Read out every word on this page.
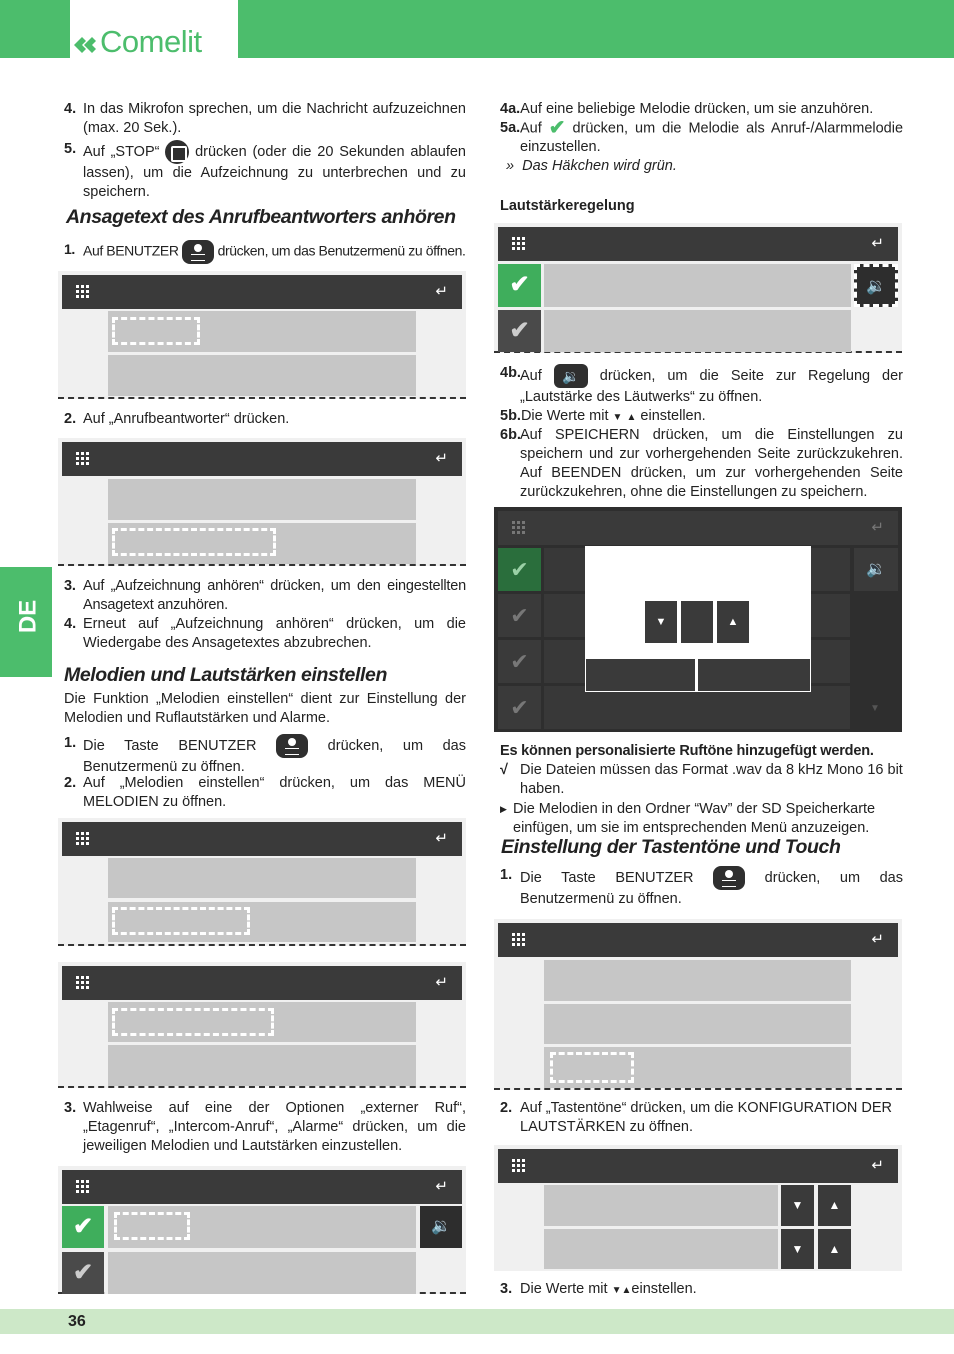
Comelit
DE
4. In das Mikrofon sprechen, um die Nachricht aufzuzeichnen (max. 20 Sek.).
5. Auf „STOP“ drücken (oder die 20 Sekunden ablaufen lassen), um die Aufzeichnung zu unterbrechen und zu speichern.
Ansagetext des Anrufbeantworters anhören
1. Auf BENUTZER	drücken, um das Benutzermenü zu öffnen.
↵
2. Auf „Anrufbeantworter“ drücken.
↵
3. Auf „Aufzeichnung anhören“ drücken, um den eingestellten Ansagetext anzuhören.
4. Erneut auf „Aufzeichnung anhören“ drücken, um die Wiedergabe des Ansagetextes abzubrechen.
Melodien und Lautstärken einstellen
Die Funktion „Melodien einstellen“ dient zur Einstellung der Melodien und Ruflautstärken und Alarme.
1. Die Taste BENUTZER	drücken, um das Benutzermenü zu öffnen.
2. Auf „Melodien einstellen“ drücken, um das MENÜ MELODIEN zu öffnen.
↵
↵
3. Wahlweise auf eine der Optionen „externer Ruf“, „Etagenruf“, „Intercom-Anruf“, „Alarme“ drücken, um die jeweiligen Melodien und Lautstärken einzustellen.
↵
✔	🔉
✔
4a.Auf eine beliebige Melodie drücken, um sie anzuhören.
5a. Auf ✔ drücken, um die Melodie als Anruf-/Alarmmelodie einzustellen.
» Das Häkchen wird grün.
Lautstärkeregelung
↵
✔	🔉
✔
4b. Auf 🔉 drücken, um die Seite zur Regelung der „Lautstärke des Läutwerks“ zu öffnen.
5b.Die Werte mit ▼ ▲ einstellen.
6b. Auf SPEICHERN drücken, um die Einstellungen zu speichern und zur vorhergehenden Seite zurückzukehren. Auf BEENDEN drücken, um zur vorhergehenden Seite zurückzukehren, ohne die Einstellungen zu speichern.
↵
✔
✔
✔
✔
🔉
▼
▼	▲
Es können personalisierte Ruftöne hinzugefügt werden.
√ Die Dateien müssen das Format .wav da 8 kHz Mono 16 bit haben.
▶ Die Melodien in den Ordner “Wav” der SD Speicherkarte einfügen, um sie im entsprechenden Menü anzuzeigen.
Einstellung der Tastentöne und Touch
1. Die Taste BENUTZER	drücken, um das Benutzermenü zu öffnen.
↵
2. Auf „Tastentöne“ drücken, um die KONFIGURATION DER LAUTSTÄRKEN zu öffnen.
↵
▼	▲
▼	▲
3. Die Werte mit ▼▲einstellen.
36
